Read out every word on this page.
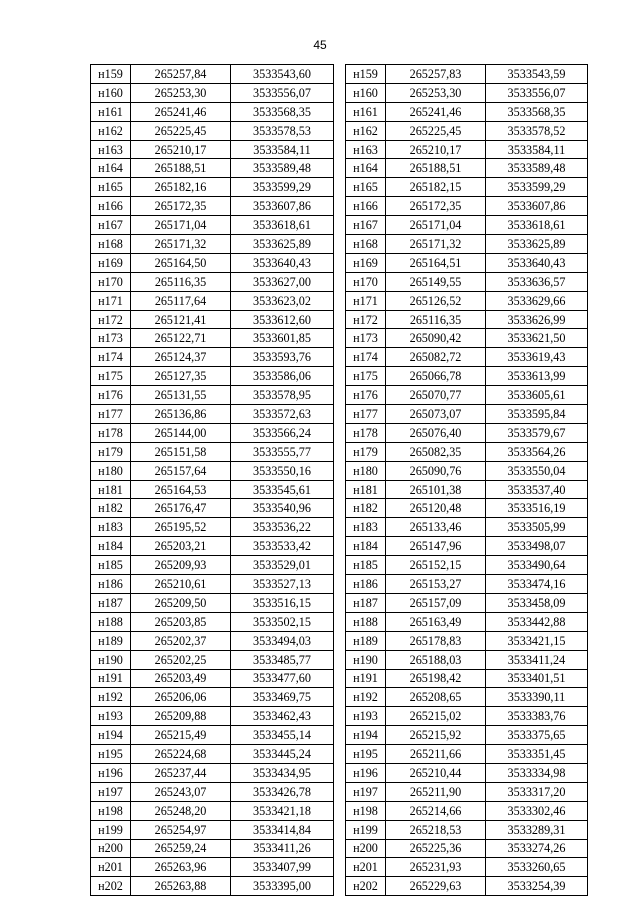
45
н159	265257,84	3533543,60
н160	265253,30	3533556,07
н161	265241,46	3533568,35
н162	265225,45	3533578,53
н163	265210,17	3533584,11
н164	265188,51	3533589,48
н165	265182,16	3533599,29
н166	265172,35	3533607,86
н167	265171,04	3533618,61
н168	265171,32	3533625,89
н169	265164,50	3533640,43
н170	265116,35	3533627,00
н171	265117,64	3533623,02
н172	265121,41	3533612,60
н173	265122,71	3533601,85
н174	265124,37	3533593,76
н175	265127,35	3533586,06
н176	265131,55	3533578,95
н177	265136,86	3533572,63
н178	265144,00	3533566,24
н179	265151,58	3533555,77
н180	265157,64	3533550,16
н181	265164,53	3533545,61
н182	265176,47	3533540,96
н183	265195,52	3533536,22
н184	265203,21	3533533,42
н185	265209,93	3533529,01
н186	265210,61	3533527,13
н187	265209,50	3533516,15
н188	265203,85	3533502,15
н189	265202,37	3533494,03
н190	265202,25	3533485,77
н191	265203,49	3533477,60
н192	265206,06	3533469,75
н193	265209,88	3533462,43
н194	265215,49	3533455,14
н195	265224,68	3533445,24
н196	265237,44	3533434,95
н197	265243,07	3533426,78
н198	265248,20	3533421,18
н199	265254,97	3533414,84
н200	265259,24	3533411,26
н201	265263,96	3533407,99
н202	265263,88	3533395,00
н159	265257,83	3533543,59
н160	265253,30	3533556,07
н161	265241,46	3533568,35
н162	265225,45	3533578,52
н163	265210,17	3533584,11
н164	265188,51	3533589,48
н165	265182,15	3533599,29
н166	265172,35	3533607,86
н167	265171,04	3533618,61
н168	265171,32	3533625,89
н169	265164,51	3533640,43
н170	265149,55	3533636,57
н171	265126,52	3533629,66
н172	265116,35	3533626,99
н173	265090,42	3533621,50
н174	265082,72	3533619,43
н175	265066,78	3533613,99
н176	265070,77	3533605,61
н177	265073,07	3533595,84
н178	265076,40	3533579,67
н179	265082,35	3533564,26
н180	265090,76	3533550,04
н181	265101,38	3533537,40
н182	265120,48	3533516,19
н183	265133,46	3533505,99
н184	265147,96	3533498,07
н185	265152,15	3533490,64
н186	265153,27	3533474,16
н187	265157,09	3533458,09
н188	265163,49	3533442,88
н189	265178,83	3533421,15
н190	265188,03	3533411,24
н191	265198,42	3533401,51
н192	265208,65	3533390,11
н193	265215,02	3533383,76
н194	265215,92	3533375,65
н195	265211,66	3533351,45
н196	265210,44	3533334,98
н197	265211,90	3533317,20
н198	265214,66	3533302,46
н199	265218,53	3533289,31
н200	265225,36	3533274,26
н201	265231,93	3533260,65
н202	265229,63	3533254,39
